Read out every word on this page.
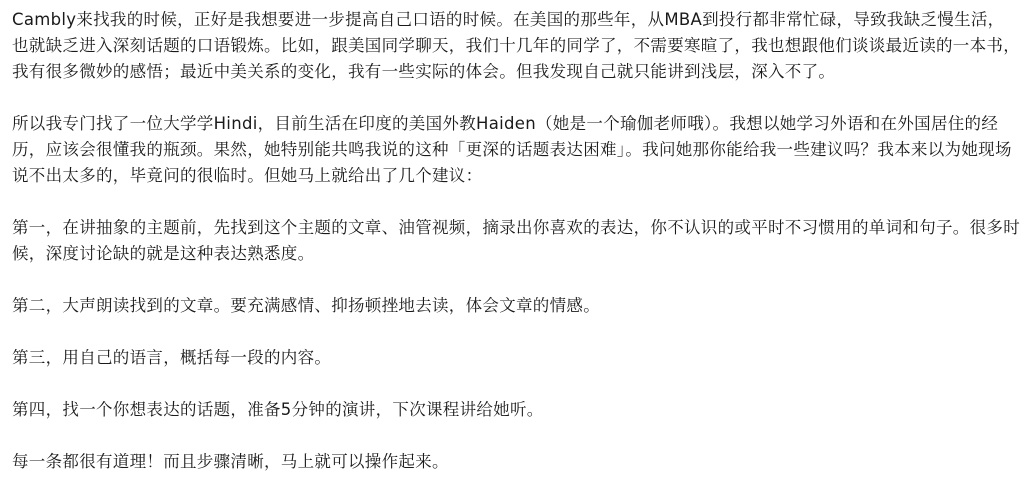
Cambly来找我的时候，正好是我想要进一步提高自己口语的时候。在美国的那些年，从MBA到投行都非常忙碌，导致我缺乏慢生活，也就缺乏进入深刻话题的口语锻炼。比如，跟美国同学聊天，我们十几年的同学了，不需要寒暄了，我也想跟他们谈谈最近读的一本书，我有很多微妙的感悟；最近中美关系的变化，我有一些实际的体会。但我发现自己就只能讲到浅层，深入不了。

所以我专门找了一位大学学Hindi，目前生活在印度的美国外教Haiden（她是一个瑜伽老师哦）。我想以她学习外语和在外国居住的经历，应该会很懂我的瓶颈。果然，她特别能共鸣我说的这种「更深的话题表达困难」。我问她那你能给我一些建议吗？我本来以为她现场说不出太多的，毕竟问的很临时。但她马上就给出了几个建议：

第一，在讲抽象的主题前，先找到这个主题的文章、油管视频，摘录出你喜欢的表达，你不认识的或平时不习惯用的单词和句子。很多时候，深度讨论缺的就是这种表达熟悉度。

第二，大声朗读找到的文章。要充满感情、抑扬顿挫地去读，体会文章的情感。

第三，用自己的语言，概括每一段的内容。

第四，找一个你想表达的话题，准备5分钟的演讲，下次课程讲给她听。

每一条都很有道理！而且步骤清晰，马上就可以操作起来。
